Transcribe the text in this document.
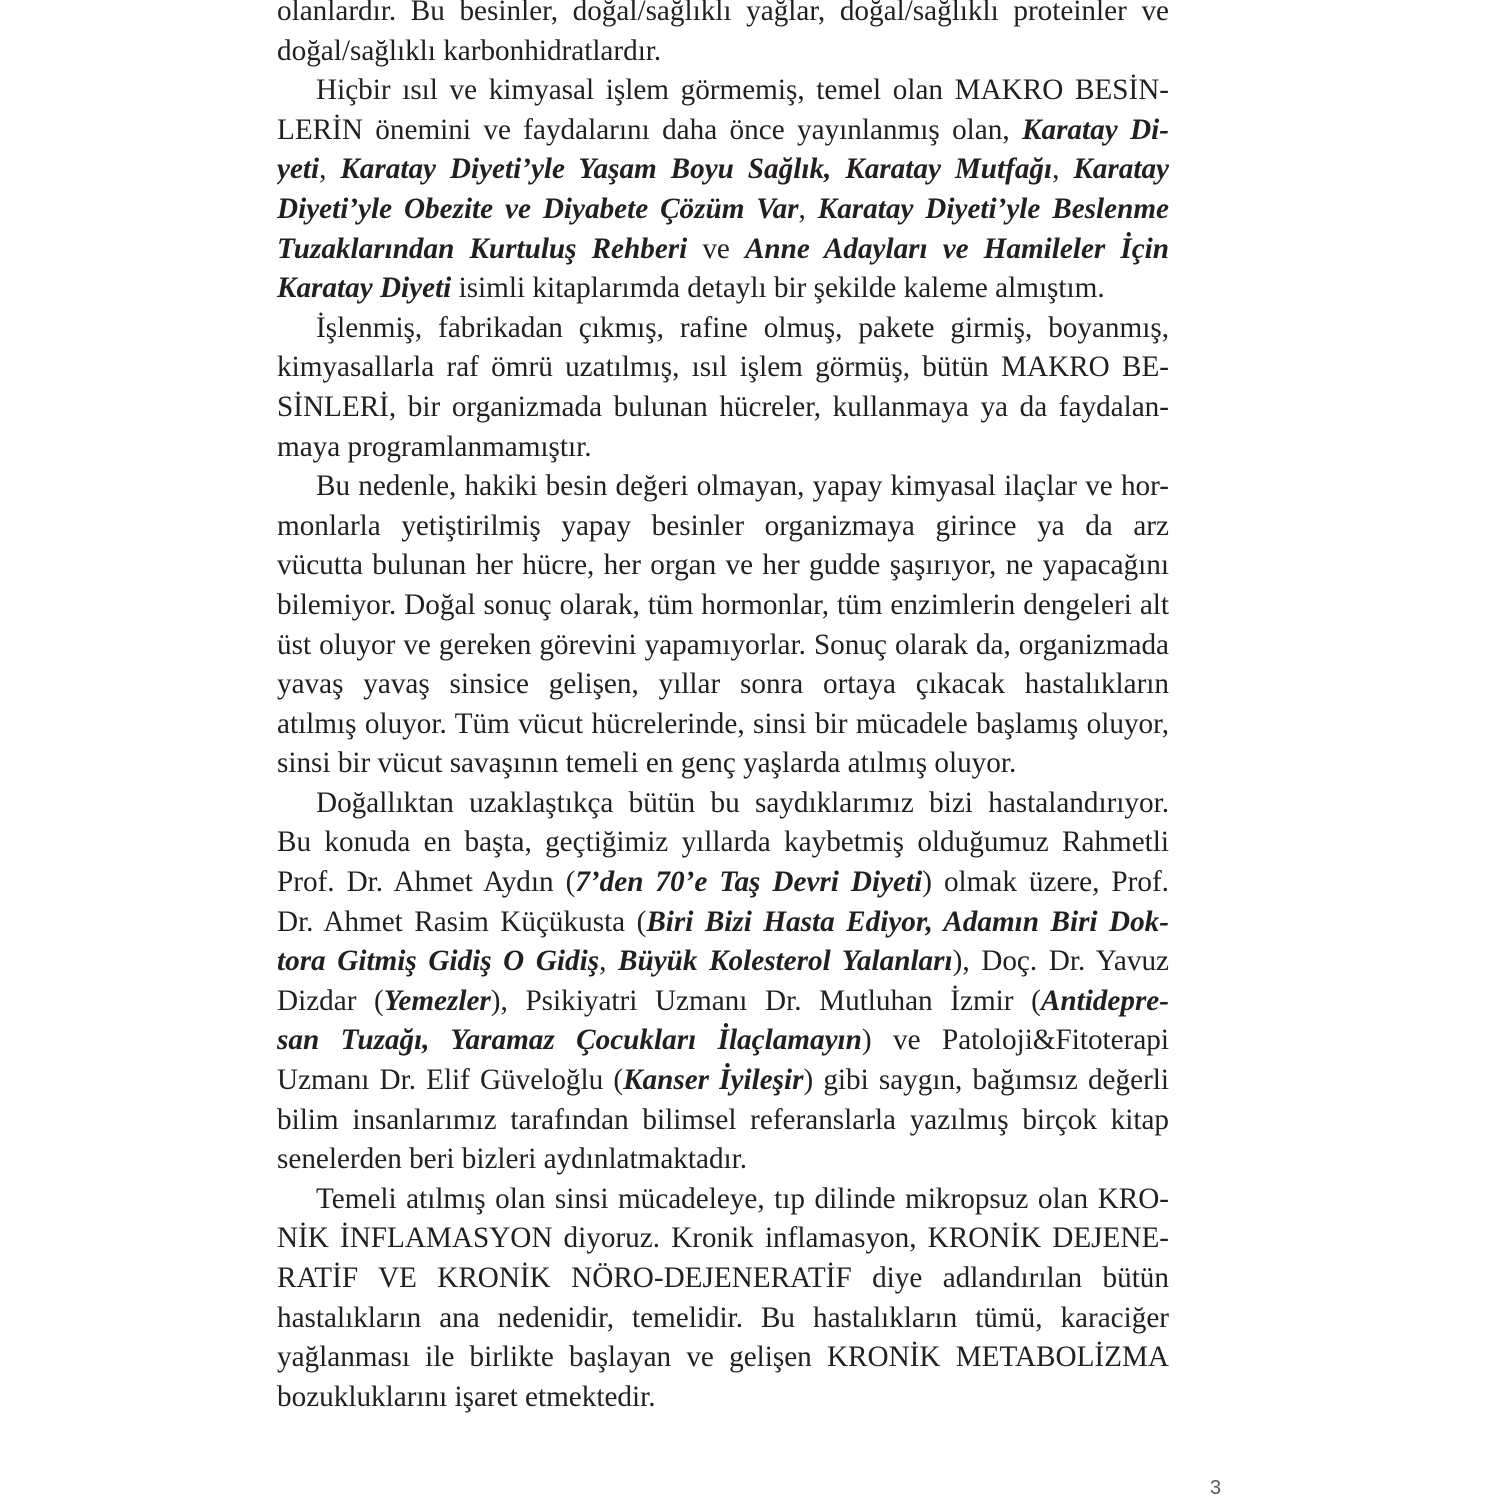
olanlardır. Bu besinler, doğal/sağlıklı yağlar, doğal/sağlıklı proteinler ve
doğal/sağlıklı karbonhidratlardır.
Hiçbir ısıl ve kimyasal işlem görmemiş, temel olan MAKRO BESİN-
LERİN önemini ve faydalarını daha önce yayınlanmış olan, Karatay Di-
yeti, Karatay Diyeti’yle Yaşam Boyu Sağlık, Karatay Mutfağı, Karatay
Diyeti’yle Obezite ve Diyabete Çözüm Var, Karatay Diyeti’yle Beslenme
Tuzaklarından Kurtuluş Rehberi ve Anne Adayları ve Hamileler İçin
Karatay Diyeti isimli kitaplarımda detaylı bir şekilde kaleme almıştım.
İşlenmiş, fabrikadan çıkmış, rafine olmuş, pakete girmiş, boyanmış,
kimyasallarla raf ömrü uzatılmış, ısıl işlem görmüş, bütün MAKRO BE-
SİNLERİ, bir organizmada bulunan hücreler, kullanmaya ya da faydalan-
maya programlanmamıştır.
Bu nedenle, hakiki besin değeri olmayan, yapay kimyasal ilaçlar ve hor-
monlarla yetiştirilmiş yapay besinler organizmaya girince ya da arz
vücutta bulunan her hücre, her organ ve her gudde şaşırıyor, ne yapacağını
bilemiyor. Doğal sonuç olarak, tüm hormonlar, tüm enzimlerin dengeleri alt
üst oluyor ve gereken görevini yapamıyorlar. Sonuç olarak da, organizmada
yavaş yavaş sinsice gelişen, yıllar sonra ortaya çıkacak hastalıkların
atılmış oluyor. Tüm vücut hücrelerinde, sinsi bir mücadele başlamış oluyor,
sinsi bir vücut savaşının temeli en genç yaşlarda atılmış oluyor.
Doğallıktan uzaklaştıkça bütün bu saydıklarımız bizi hastalandırıyor.
Bu konuda en başta, geçtiğimiz yıllarda kaybetmiş olduğumuz Rahmetli
Prof. Dr. Ahmet Aydın (7’den 70’e Taş Devri Diyeti) olmak üzere, Prof.
Dr. Ahmet Rasim Küçükusta (Biri Bizi Hasta Ediyor, Adamın Biri Dok-
tora Gitmiş Gidiş O Gidiş, Büyük Kolesterol Yalanları), Doç. Dr. Yavuz
Dizdar (Yemezler), Psikiyatri Uzmanı Dr. Mutluhan İzmir (Antidepre-
san Tuzağı, Yaramaz Çocukları İlaçlamayın) ve Patoloji&Fitoterapi
Uzmanı Dr. Elif Güveloğlu (Kanser İyileşir) gibi saygın, bağımsız değerli
bilim insanlarımız tarafından bilimsel referanslarla yazılmış birçok kitap
senelerden beri bizleri aydınlatmaktadır.
Temeli atılmış olan sinsi mücadeleye, tıp dilinde mikropsuz olan KRO-
NİK İNFLAMASYON diyoruz. Kronik inflamasyon, KRONİK DEJENE-
RATİF VE KRONİK NÖRO-DEJENERATİF diye adlandırılan bütün
hastalıkların ana nedenidir, temelidir. Bu hastalıkların tümü, karaciğer
yağlanması ile birlikte başlayan ve gelişen KRONİK METABOLİZMA
bozukluklarını işaret etmektedir.
3
